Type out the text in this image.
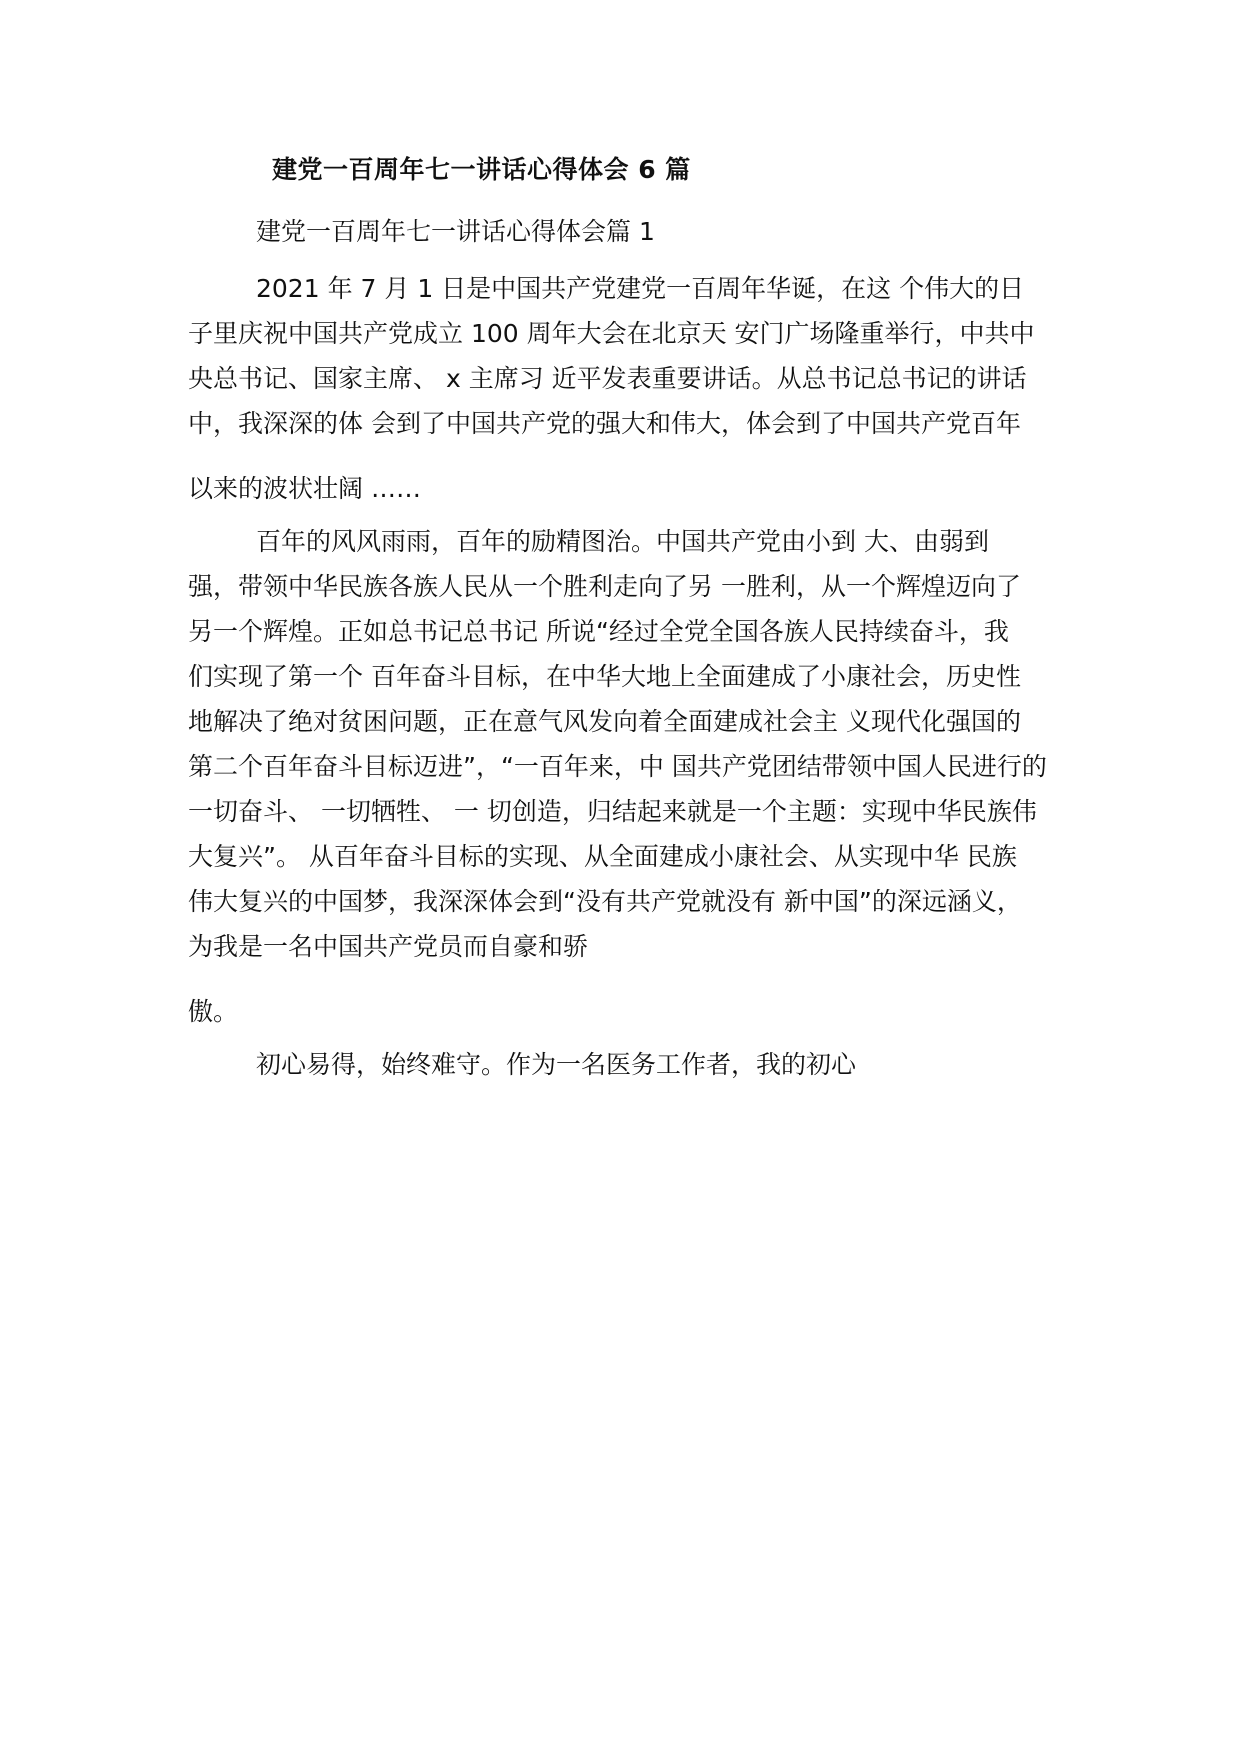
建党一百周年七一讲话心得体会 6 篇
建党一百周年七一讲话心得体会篇 1
2021 年 7 月 1 日是中国共产党建党一百周年华诞，在这 个伟大的日
子里庆祝中国共产党成立 100 周年大会在北京天 安门广场隆重举行，中共中
央总书记、国家主席、 x 主席习 近平发表重要讲话。从总书记总书记的讲话
中，我深深的体 会到了中国共产党的强大和伟大，体会到了中国共产党百年
以来的波状壮阔 ……
百年的风风雨雨，百年的励精图治。中国共产党由小到 大、由弱到
强，带领中华民族各族人民从一个胜利走向了另 一胜利，从一个辉煌迈向了
另一个辉煌。正如总书记总书记 所说“经过全党全国各族人民持续奋斗，我
们实现了第一个 百年奋斗目标，在中华大地上全面建成了小康社会，历史性
地解决了绝对贫困问题，正在意气风发向着全面建成社会主 义现代化强国的
第二个百年奋斗目标迈进”，“一百年来，中 国共产党团结带领中国人民进行的
一切奋斗、 一切牺牲、 一 切创造，归结起来就是一个主题：实现中华民族伟
大复兴”。 从百年奋斗目标的实现、从全面建成小康社会、从实现中华 民族
伟大复兴的中国梦，我深深体会到“没有共产党就没有 新中国”的深远涵义，
为我是一名中国共产党员而自豪和骄
傲。
初心易得，始终难守。作为一名医务工作者，我的初心
